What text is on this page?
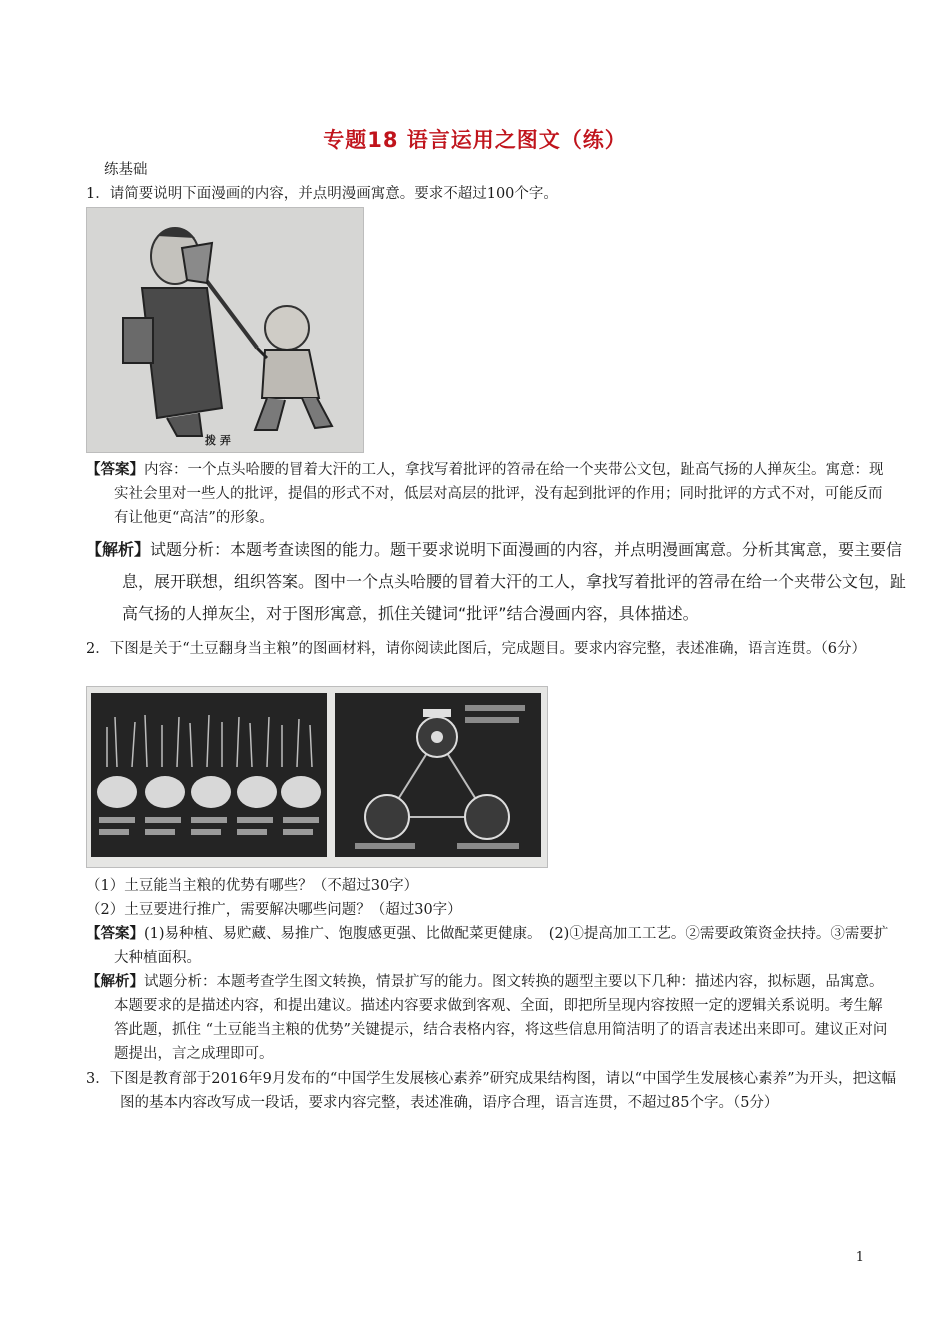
专题18 语言运用之图文（练）
练基础
1．请简要说明下面漫画的内容，并点明漫画寓意。要求不超过100个字。
拨 弄
【答案】内容：一个点头哈腰的冒着大汗的工人，拿找写着批评的笤帚在给一个夹带公文包，趾高气扬的人掸灰尘。寓意：现实社会里对一些人的批评，提倡的形式不对，低层对高层的批评，没有起到批评的作用；同时批评的方式不对，可能反而有让他更“高洁”的形象。
【解析】试题分析：本题考查读图的能力。题干要求说明下面漫画的内容，并点明漫画寓意。分析其寓意，要主要信息，展开联想，组织答案。图中一个点头哈腰的冒着大汗的工人，拿找写着批评的笤帚在给一个夹带公文包，趾高气扬的人掸灰尘，对于图形寓意，抓住关键词“批评”结合漫画内容，具体描述。
2．下图是关于“土豆翻身当主粮”的图画材料，请你阅读此图后，完成题目。要求内容完整，表述准确，语言连贯。（6分）
（1）土豆能当主粮的优势有哪些？（不超过30字）
（2）土豆要进行推广，需要解决哪些问题？（超过30字）
【答案】(1)易种植、易贮藏、易推广、饱腹感更强、比做配菜更健康。　(2)①提高加工工艺。②需要政策资金扶持。③需要扩大种植面积。
【解析】试题分析：本题考查学生图文转换，情景扩写的能力。图文转换的题型主要以下几种：描述内容，拟标题，品寓意。本题要求的是描述内容，和提出建议。描述内容要求做到客观、全面，即把所呈现内容按照一定的逻辑关系说明。考生解答此题，抓住 “土豆能当主粮的优势”关键提示，结合表格内容，将这些信息用简洁明了的语言表述出来即可。建议正对问题提出，言之成理即可。
3．下图是教育部于2016年9月发布的“中国学生发展核心素养”研究成果结构图，请以“中国学生发展核心素养”为开头，把这幅图的基本内容改写成一段话，要求内容完整，表述准确，语序合理，语言连贯，不超过85个字。（5分）
1
